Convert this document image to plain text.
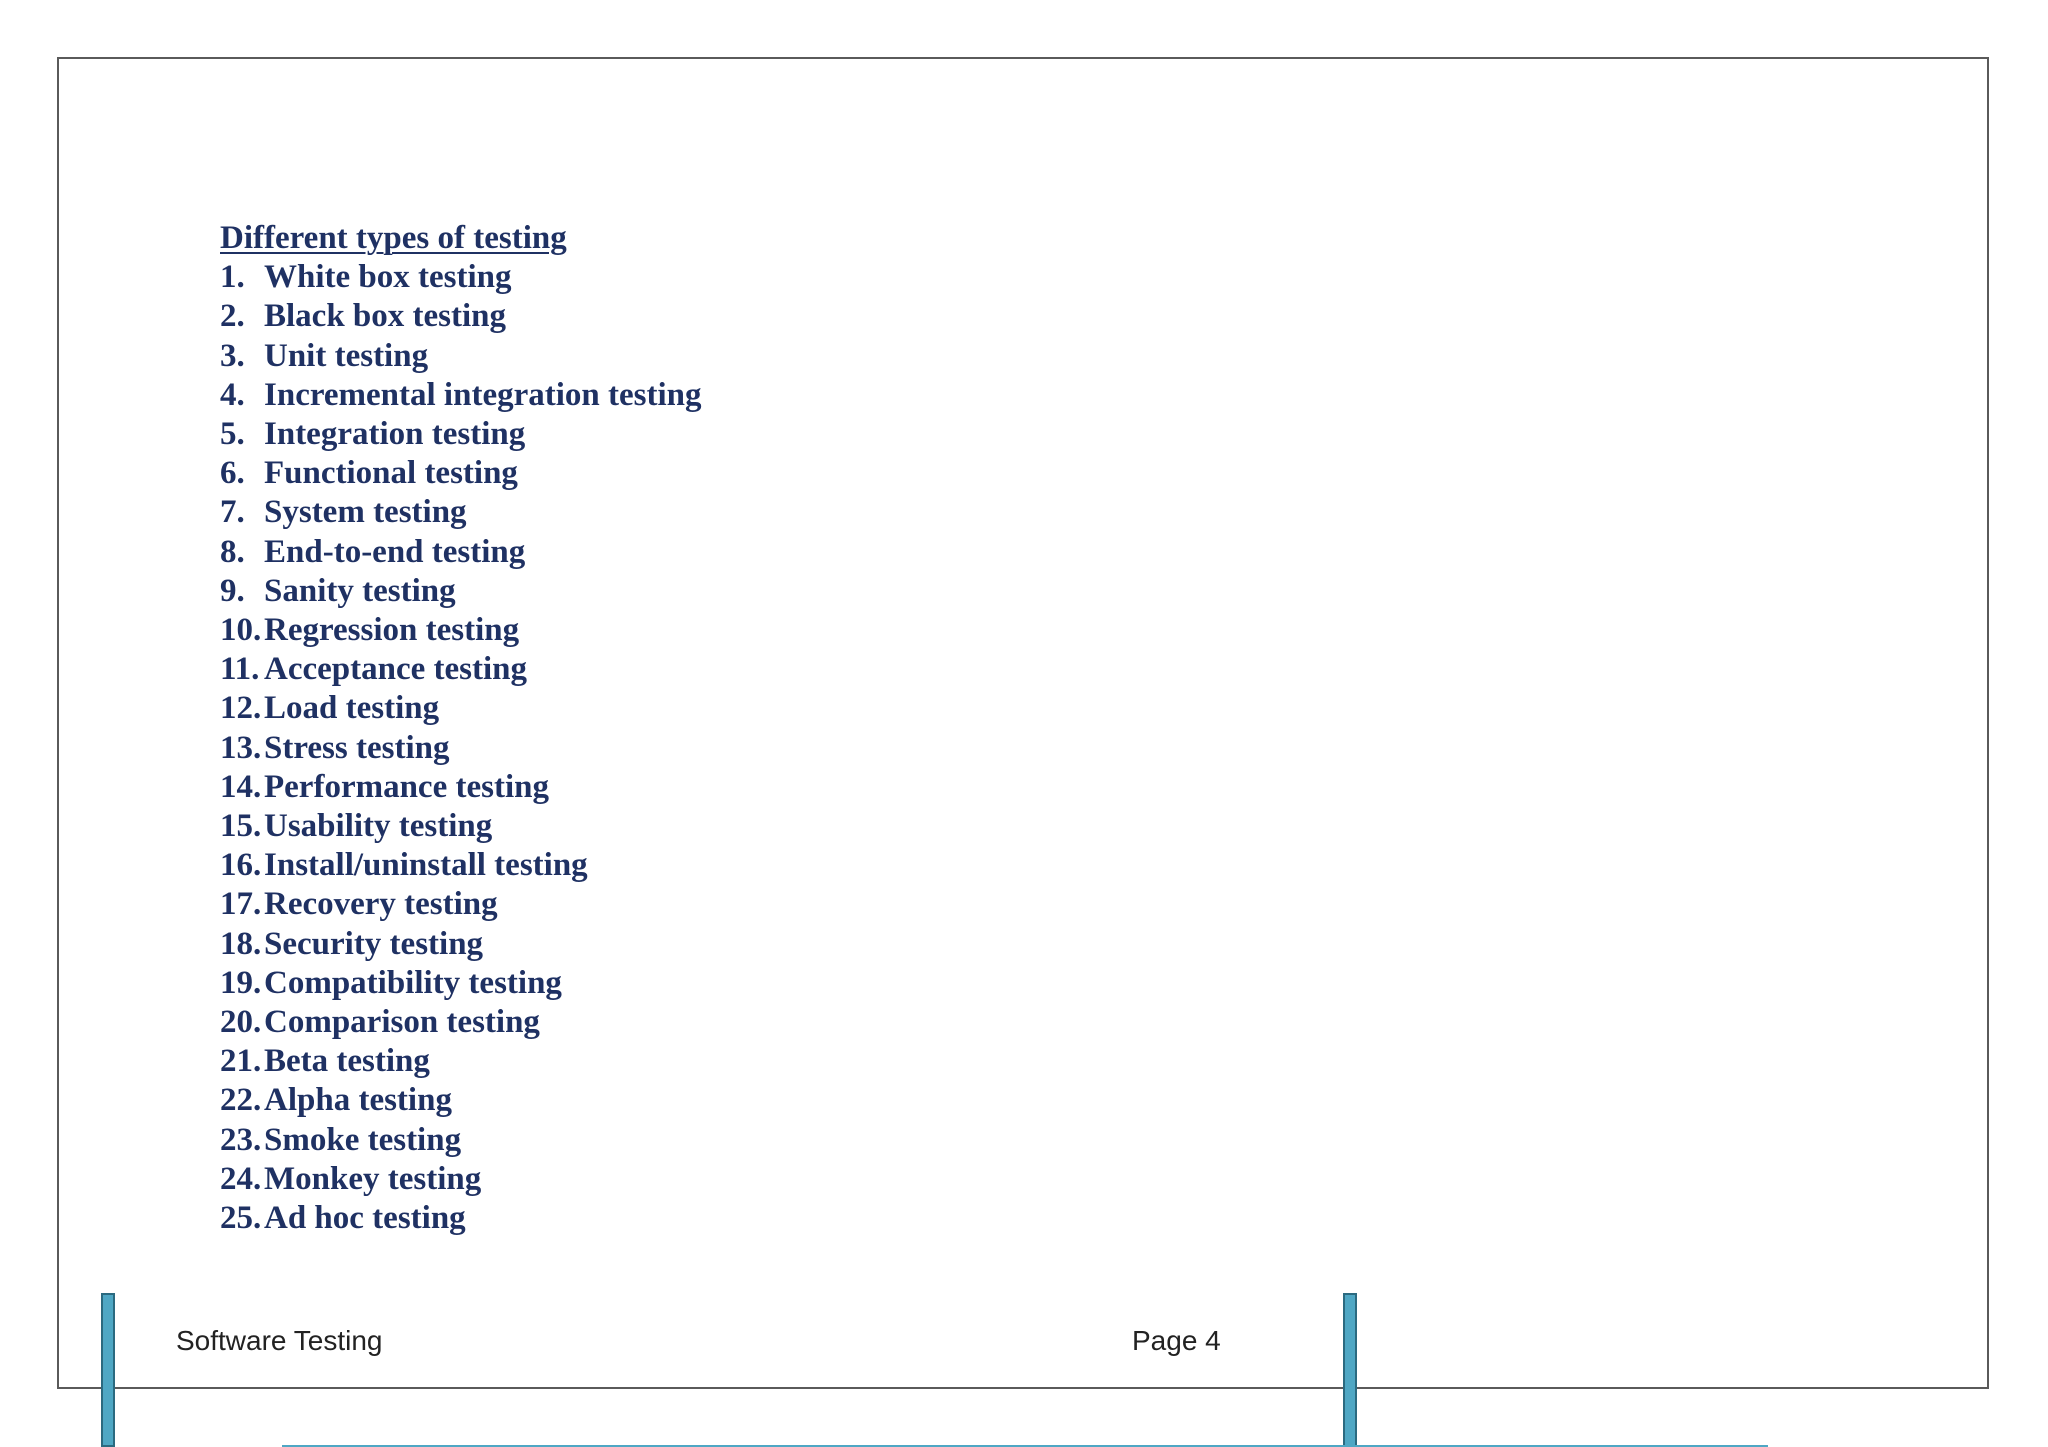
Different types of testing
1. White box testing
2. Black box testing
3. Unit testing
4. Incremental integration testing
5. Integration testing
6. Functional testing
7. System testing
8. End-to-end testing
9. Sanity testing
10. Regression testing
11. Acceptance testing
12. Load testing
13. Stress testing
14. Performance testing
15. Usability testing
16. Install/uninstall testing
17. Recovery testing
18. Security testing
19. Compatibility testing
20. Comparison testing
21. Beta testing
22. Alpha testing
23. Smoke testing
24. Monkey testing
25. Ad hoc testing
Software Testing	Page 4
